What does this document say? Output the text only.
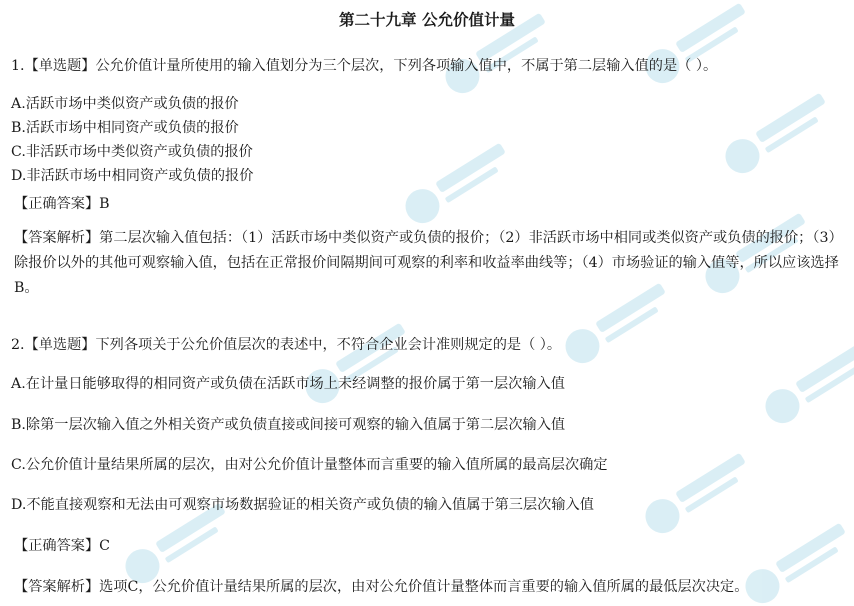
第二十九章 公允价值计量
1.【单选题】公允价值计量所使用的输入值划分为三个层次，下列各项输入值中，不属于第二层输入值的是（ ）。
A.活跃市场中类似资产或负债的报价
B.活跃市场中相同资产或负债的报价
C.非活跃市场中类似资产或负债的报价
D.非活跃市场中相同资产或负债的报价
【正确答案】B
【答案解析】第二层次输入值包括：（1）活跃市场中类似资产或负债的报价；（2）非活跃市场中相同或类似资产或负债的报价；（3）除报价以外的其他可观察输入值，包括在正常报价间隔期间可观察的利率和收益率曲线等；（4）市场验证的输入值等，所以应该选择B。
2.【单选题】下列各项关于公允价值层次的表述中，不符合企业会计准则规定的是（ ）。
A.在计量日能够取得的相同资产或负债在活跃市场上未经调整的报价属于第一层次输入值
B.除第一层次输入值之外相关资产或负债直接或间接可观察的输入值属于第二层次输入值
C.公允价值计量结果所属的层次，由对公允价值计量整体而言重要的输入值所属的最高层次确定
D.不能直接观察和无法由可观察市场数据验证的相关资产或负债的输入值属于第三层次输入值
【正确答案】C
【答案解析】选项C，公允价值计量结果所属的层次，由对公允价值计量整体而言重要的输入值所属的最低层次决定。
